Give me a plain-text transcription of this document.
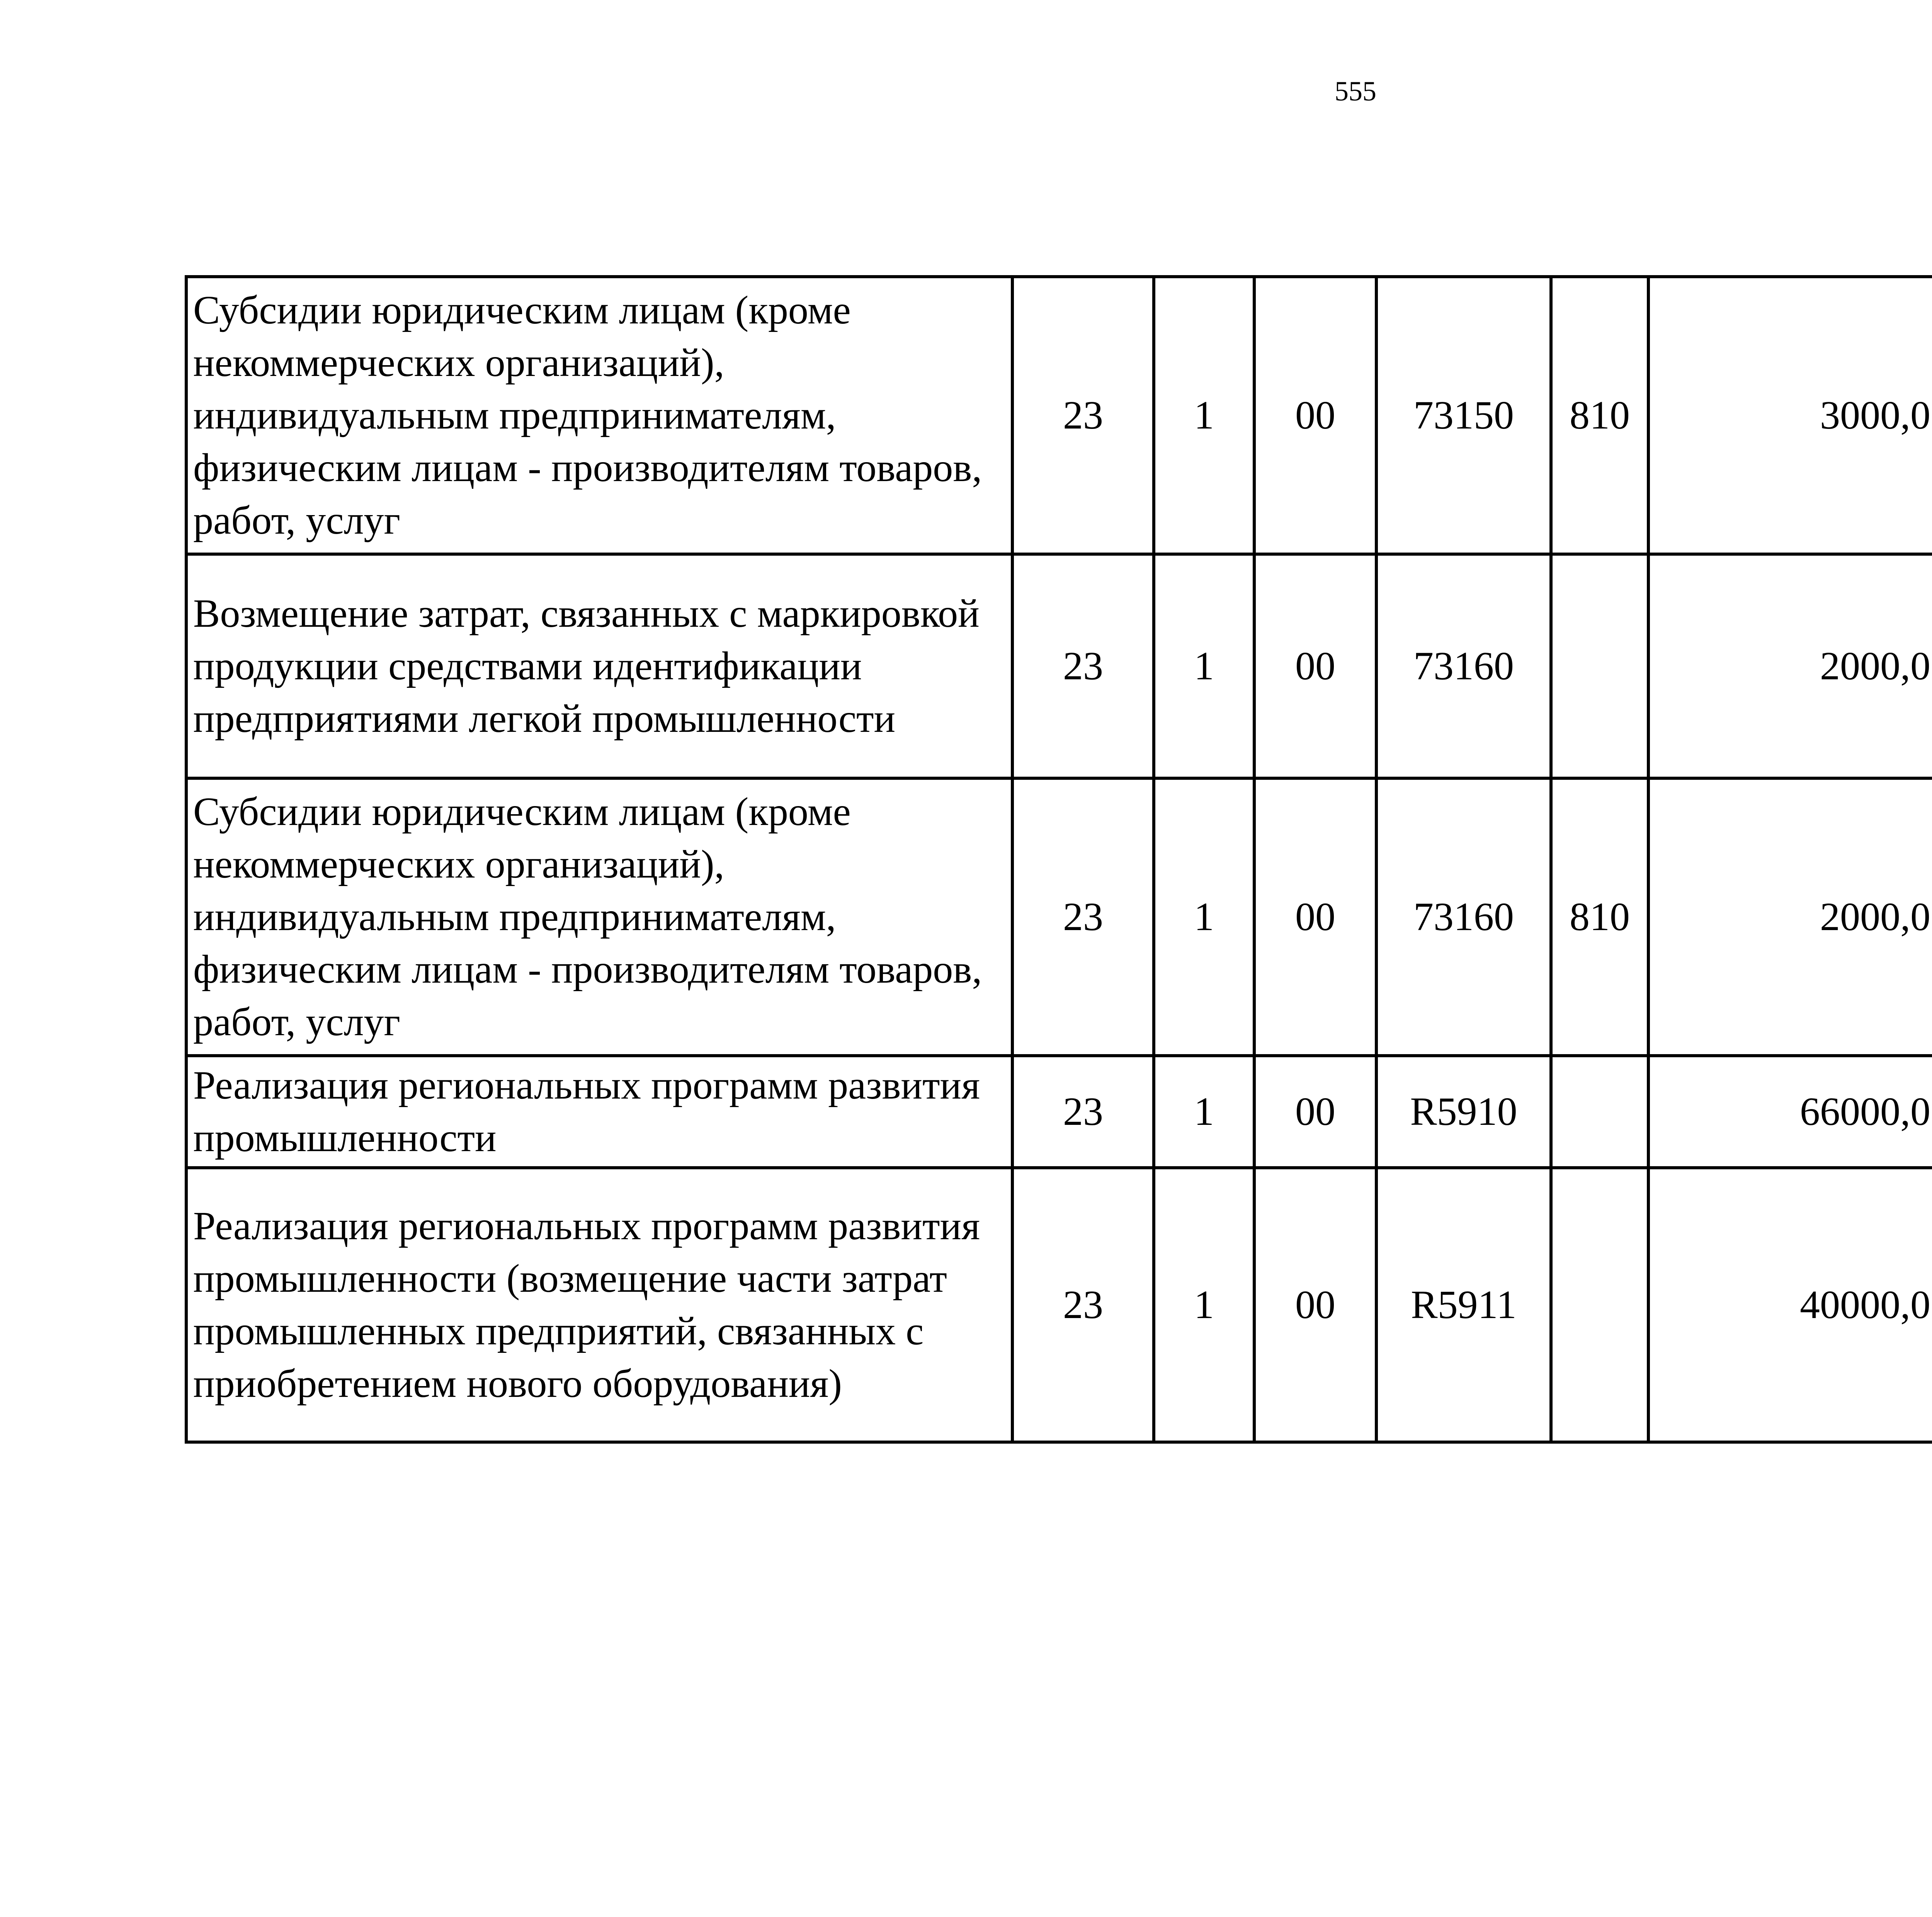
555
Субсидии юридическим лицам (кроме некоммерческих организаций), индивидуальным предпринимателям, физическим лицам - производителям товаров, работ, услуг	23	1	00	73150	810	3000,0		
Возмещение затрат, связанных с маркировкой продукции средствами идентификации предприятиями легкой промышленности	23	1	00	73160		2000,0		
Субсидии юридическим лицам (кроме некоммерческих организаций), индивидуальным предпринимателям, физическим лицам - производителям товаров, работ, услуг	23	1	00	73160	810	2000,0		
Реализация региональных программ развития промышленности	23	1	00	R5910		66000,0		
Реализация региональных программ развития промышленности (возмещение части затрат промышленных предприятий, связанных с приобретением нового оборудования)	23	1	00	R5911		40000,0		
